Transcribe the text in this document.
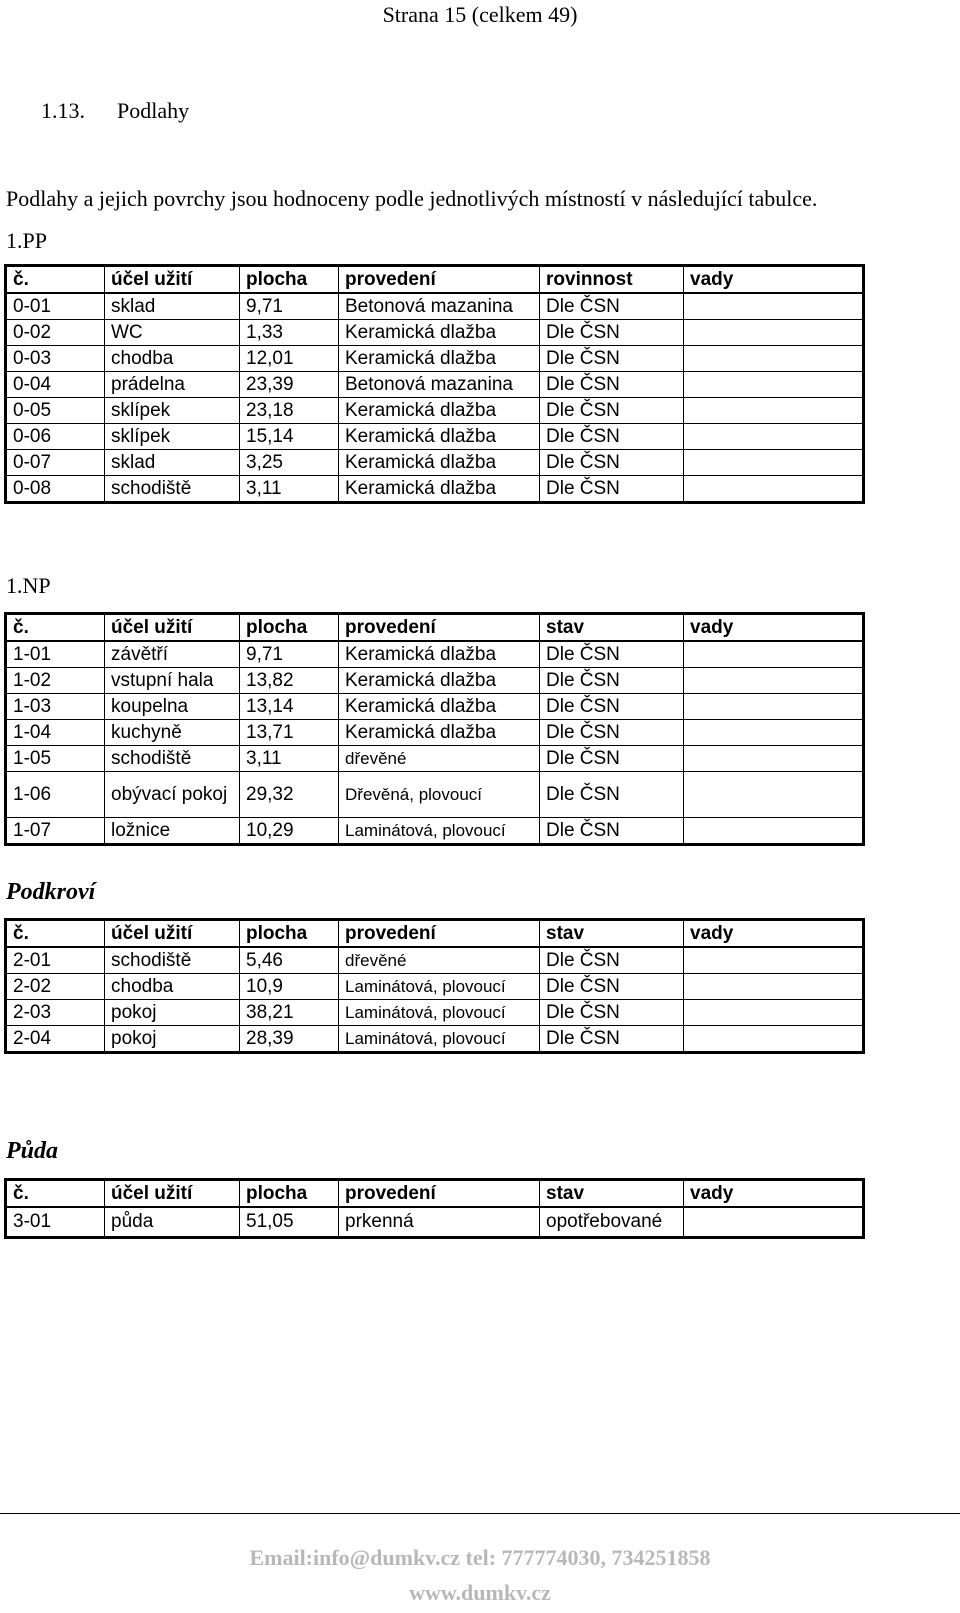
Strana 15 (celkem 49)
1.13. Podlahy
Podlahy a jejich povrchy jsou hodnoceny podle jednotlivých místností v následující tabulce.
1.PP
č.	účel užití	plocha	provedení	rovinnost	vady
0-01	sklad	9,71	Betonová mazanina	Dle ČSN	
0-02	WC	1,33	Keramická dlažba	Dle ČSN	
0-03	chodba	12,01	Keramická dlažba	Dle ČSN	
0-04	prádelna	23,39	Betonová mazanina	Dle ČSN	
0-05	sklípek	23,18	Keramická dlažba	Dle ČSN	
0-06	sklípek	15,14	Keramická dlažba	Dle ČSN	
0-07	sklad	3,25	Keramická dlažba	Dle ČSN	
0-08	schodiště	3,11	Keramická dlažba	Dle ČSN	
1.NP
č.	účel užití	plocha	provedení	stav	vady
1-01	závětří	9,71	Keramická dlažba	Dle ČSN	
1-02	vstupní hala	13,82	Keramická dlažba	Dle ČSN	
1-03	koupelna	13,14	Keramická dlažba	Dle ČSN	
1-04	kuchyně	13,71	Keramická dlažba	Dle ČSN	
1-05	schodiště	3,11	dřevěné	Dle ČSN	
1-06	obývací pokoj	29,32	Dřevěná, plovoucí	Dle ČSN	
1-07	ložnice	10,29	Laminátová, plovoucí	Dle ČSN	
Podkroví
č.	účel užití	plocha	provedení	stav	vady
2-01	schodiště	5,46	dřevěné	Dle ČSN	
2-02	chodba	10,9	Laminátová, plovoucí	Dle ČSN	
2-03	pokoj	38,21	Laminátová, plovoucí	Dle ČSN	
2-04	pokoj	28,39	Laminátová, plovoucí	Dle ČSN	
Půda
č.	účel užití	plocha	provedení	stav	vady
3-01	půda	51,05	prkenná	opotřebované	
Email:info@dumkv.cz tel: 777774030, 734251858
www.dumkv.cz
